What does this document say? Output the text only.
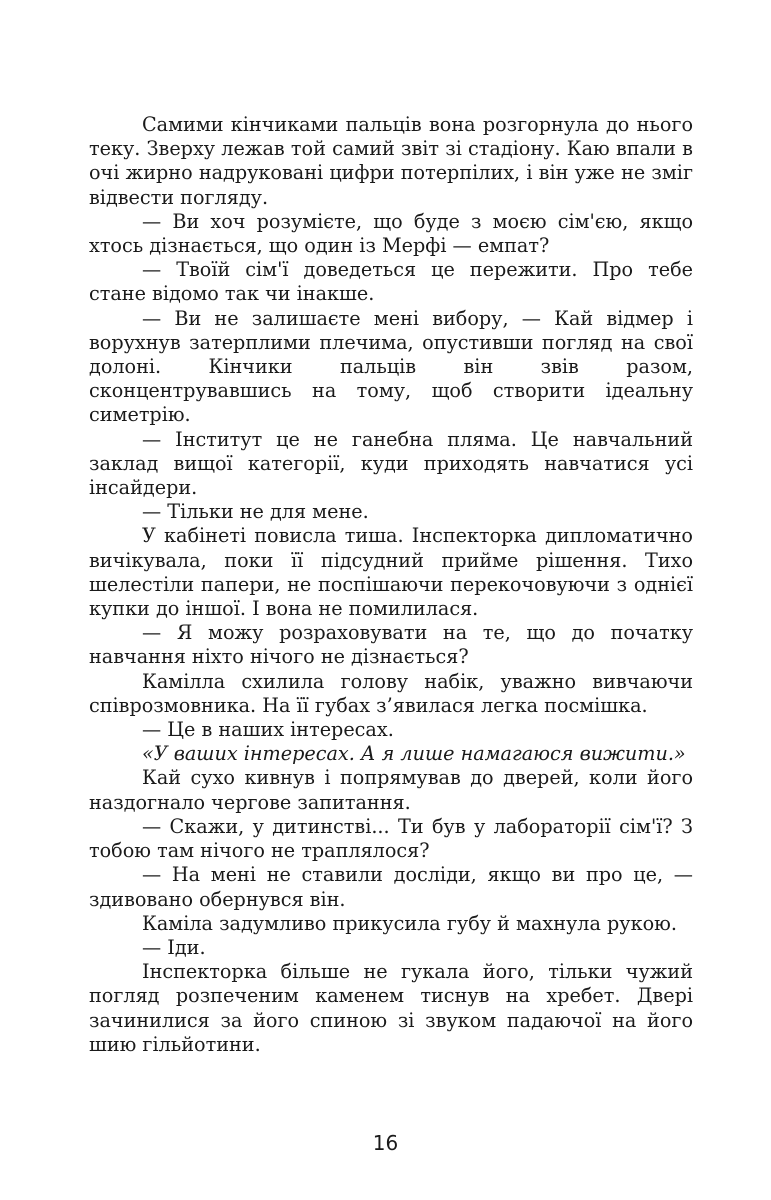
Самими кінчиками пальців вона розгорнула до нього теку. Зверху лежав той самий звіт зі стадіону. Каю впали в очі жирно надруковані цифри потерпілих, і він уже не зміг відвести погляду.

— Ви хоч розумієте, що буде з моєю сім'єю, якщо хтось дізнається, що один із Мерфі — емпат?

— Твоїй сім'ї доведеться це пережити. Про тебе стане відомо так чи інакше.

— Ви не залишаєте мені вибору, — Кай відмер і ворухнув затерплими плечима, опустивши погляд на свої долоні. Кінчики пальців він звів разом, сконцентрувавшись на тому, щоб створити ідеальну симетрію.

— Інститут це не ганебна пляма. Це навчальний заклад вищої категорії, куди приходять навчатися усі інсайдери.

— Тільки не для мене.

У кабінеті повисла тиша. Інспекторка дипломатично вичікувала, поки її підсудний прийме рішення. Тихо шелестіли папери, не поспішаючи перекочовуючи з однієї купки до іншої. І вона не помилилася.

— Я можу розраховувати на те, що до початку навчання ніхто нічого не дізнається?

Камілла схилила голову набік, уважно вивчаючи співрозмовника. На її губах з’явилася легка посмішка.

— Це в наших інтересах.

«У ваших інтересах. А я лише намагаюся вижити.»

Кай сухо кивнув і попрямував до дверей, коли його наздогнало чергове запитання.

— Скажи, у дитинстві... Ти був у лабораторії сім'ї? З тобою там нічого не траплялося?

— На мені не ставили досліди, якщо ви про це, — здивовано обернувся він.

Каміла задумливо прикусила губу й махнула рукою.

— Іди.

Інспекторка більше не гукала його, тільки чужий погляд розпеченим каменем тиснув на хребет. Двері зачинилися за його спиною зі звуком падаючої на його шию гільйотини.

16
